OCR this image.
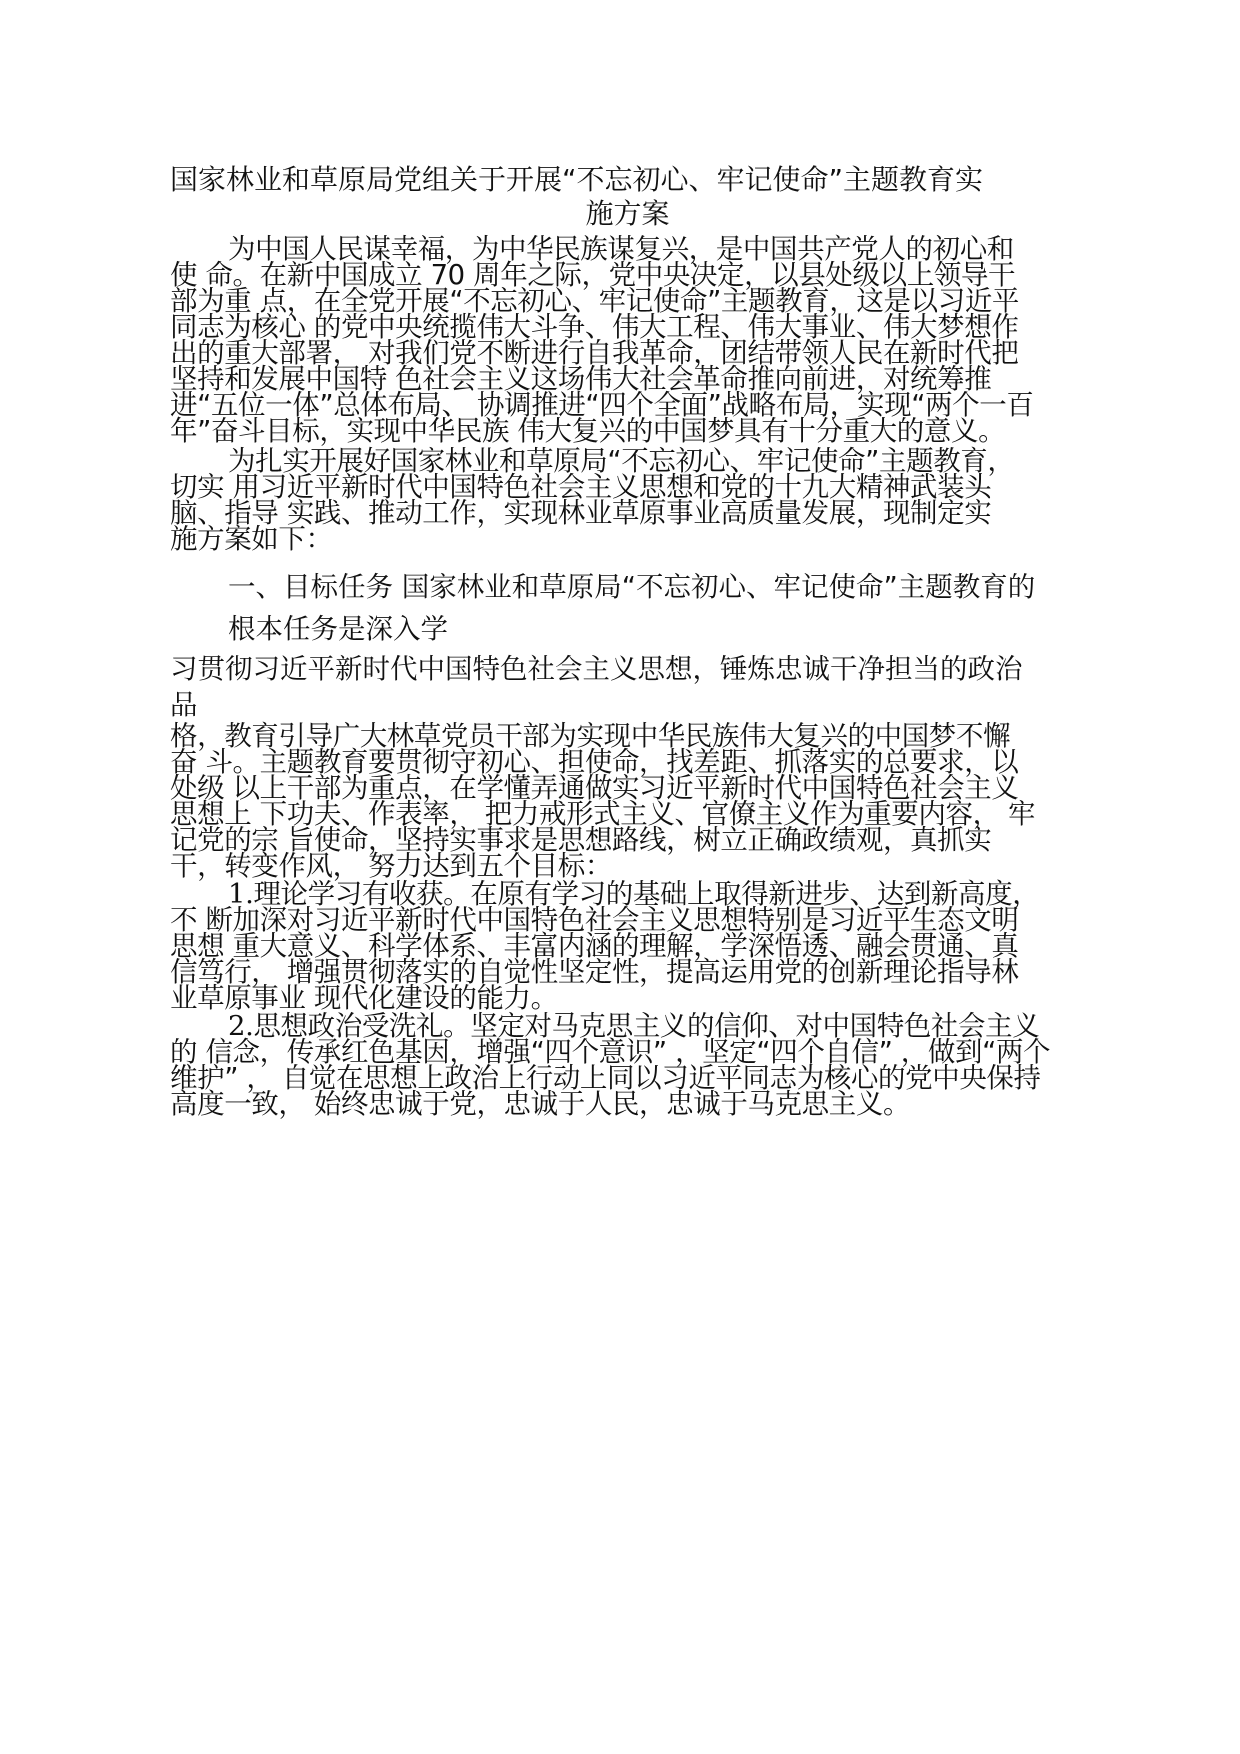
国家林业和草原局党组关于开展“不忘初心、牢记使命”主题教育实
施方案
为中国人民谋幸福，为中华民族谋复兴，是中国共产党人的初心和
使 命。在新中国成立 70 周年之际，党中央决定，以县处级以上领导干
部为重 点，在全党开展“不忘初心、牢记使命”主题教育，这是以习近平
同志为核心 的党中央统揽伟大斗争、伟大工程、伟大事业、伟大梦想作
出的重大部署， 对我们党不断进行自我革命，团结带领人民在新时代把
坚持和发展中国特 色社会主义这场伟大社会革命推向前进，对统筹推
进“五位一体”总体布局、 协调推进“四个全面”战略布局，实现“两个一百
年”奋斗目标，实现中华民族 伟大复兴的中国梦具有十分重大的意义。
为扎实开展好国家林业和草原局“不忘初心、牢记使命”主题教育，
切实 用习近平新时代中国特色社会主义思想和党的十九大精神武装头
脑、指导 实践、推动工作，实现林业草原事业高质量发展，现制定实
施方案如下：
一、目标任务 国家林业和草原局“不忘初心、牢记使命”主题教育的
根本任务是深入学
习贯彻习近平新时代中国特色社会主义思想，锤炼忠诚干净担当的政治
品
格，教育引导广大林草党员干部为实现中华民族伟大复兴的中国梦不懈
奋 斗。主题教育要贯彻守初心、担使命，找差距、抓落实的总要求，以
处级 以上干部为重点，在学懂弄通做实习近平新时代中国特色社会主义
思想上 下功夫、作表率， 把力戒形式主义、官僚主义作为重要内容， 牢
记党的宗 旨使命，坚持实事求是思想路线，树立正确政绩观，真抓实
干，转变作风， 努力达到五个目标：
1.理论学习有收获。在原有学习的基础上取得新进步、达到新高度，
不 断加深对习近平新时代中国特色社会主义思想特别是习近平生态文明
思想 重大意义、科学体系、丰富内涵的理解，学深悟透、融会贯通、真
信笃行， 增强贯彻落实的自觉性坚定性，提高运用党的创新理论指导林
业草原事业 现代化建设的能力。
2.思想政治受洗礼。坚定对马克思主义的信仰、对中国特色社会主义
的 信念，传承红色基因，增强“四个意识” ，坚定“四个自信” ，做到“两个
维护” ， 自觉在思想上政治上行动上同以习近平同志为核心的党中央保持
高度一致， 始终忠诚于党，忠诚于人民，忠诚于马克思主义。
